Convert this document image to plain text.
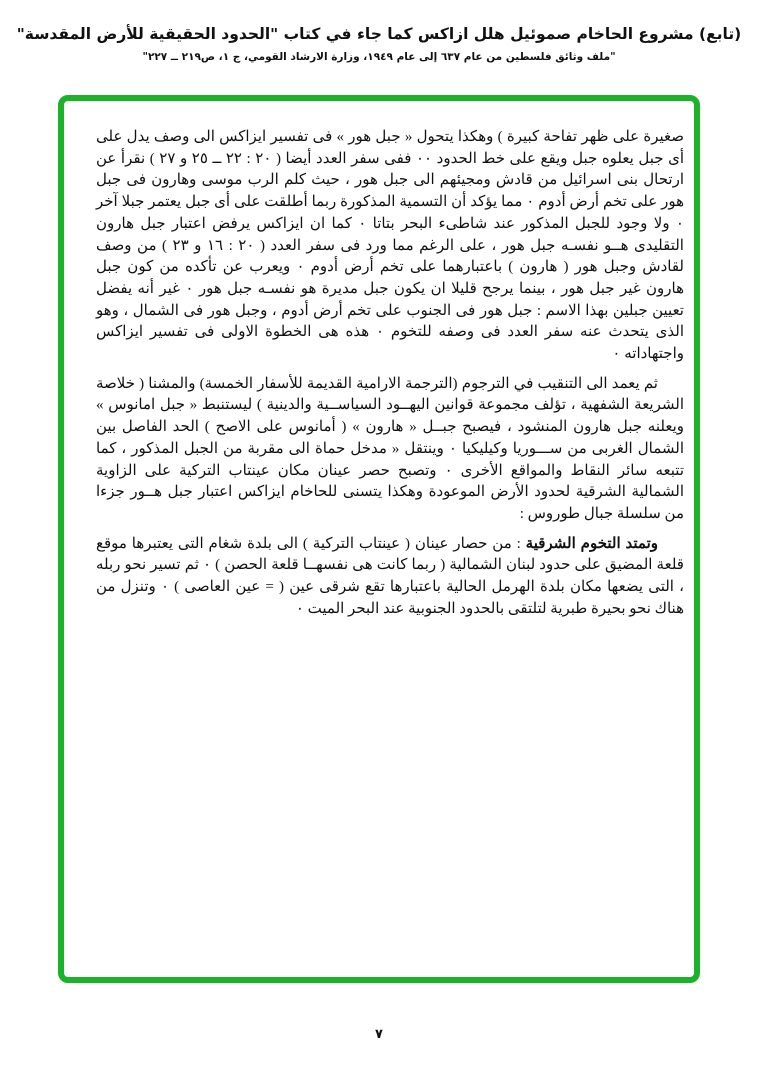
(تابع) مشروع الحاخام صموئيل هلل ازاكس كما جاء في كتاب "الحدود الحقيقية للأرض المقدسة"
"ملف وثائق فلسطين من عام ٦٣٧ إلى عام ١٩٤٩، وزارة الارشاد القومي، ج ١، ص٢١٩ ــ ٢٢٧"

صغيرة على ظهر تفاحة كبيرة ) وهكذا يتحول « جبل هور » فى تفسير ايزاكس الى وصف يدل على أى جبل يعلوه جبل ويقع على خط الحدود ٠٠ ففى سفر العدد أيضا ( ٢٠ : ٢٢ ــ ٢٥ و ٢٧ ) نقرأ عن ارتحال بنى اسرائيل من قادش ومجيئهم الى جبل هور ، حيث كلم الرب موسى وهارون فى جبل هور على تخم أرض أدوم ٠ مما يؤكد أن التسمية المذكورة ربما أطلقت على أى جبل يعتمر جبلا آخر ٠ ولا وجود للجبل المذكور عند شاطىء البحر بتاتا ٠ كما ان ايزاكس يرفض اعتبار جبل هارون التقليدى هــو نفسـه جبل هور ، على الرغم مما ورد فى سفر العدد ( ٢٠ : ١٦ و ٢٣ ) من وصف لقادش وجبل هور ( هارون ) باعتبارهما على تخم أرض أدوم ٠ ويعرب عن تأكده من كون جبل هارون غير جبل هور ، بينما يرجح قليلا ان يكون جبل مديرة هو نفسـه جبل هور ٠ غير أنه يفضل تعيين جبلين بهذا الاسم : جبل هور فى الجنوب على تخم أرض أدوم ، وجبل هور فى الشمال ، وهو الذى يتحدث عنه سفر العدد فى وصفه للتخوم ٠ هذه هى الخطوة الاولى فى تفسير ايزاكس واجتهاداته ٠

ثم يعمد الى التنقيب في الترجوم (الترجمة الارامية القديمة للأسفار الخمسة) والمشنا ( خلاصة الشريعة الشفهية ، تؤلف مجموعة قوانين اليهــود السياســية والدينية ) ليستنبط « جبل امانوس » ويعلنه جبل هارون المنشود ، فيصبح جبــل « هارون » ( أمانوس على الاصح ) الحد الفاصل بين الشمال الغربى من ســـوريا وكيليكيا ٠ وينتقل « مدخل حماة الى مقربة من الجبل المذكور ، كما تتبعه سائر النقاط والمواقع الأخرى ٠ وتصبح حصر عينان مكان عينتاب التركية على الزاوية الشمالية الشرقية لحدود الأرض الموعودة وهكذا يتسنى للحاخام ايزاكس اعتبار جبل هــور جزءا من سلسلة جبال طوروس :

وتمتد التخوم الشرقية : من حصار عينان ( عينتاب التركية ) الى بلدة شغام التى يعتبرها موقع قلعة المضيق على حدود لبنان الشمالية ( ربما كانت هى نفسهــا قلعة الحصن ) ٠ ثم تسير نحو ربله ، التى يضعها مكان بلدة الهرمل الحالية باعتبارها تقع شرقى عين ( = عين العاصى ) ٠ وتنزل من هناك نحو بحيرة طبرية لتلتقى بالحدود الجنوبية عند البحر الميت ٠

٧
